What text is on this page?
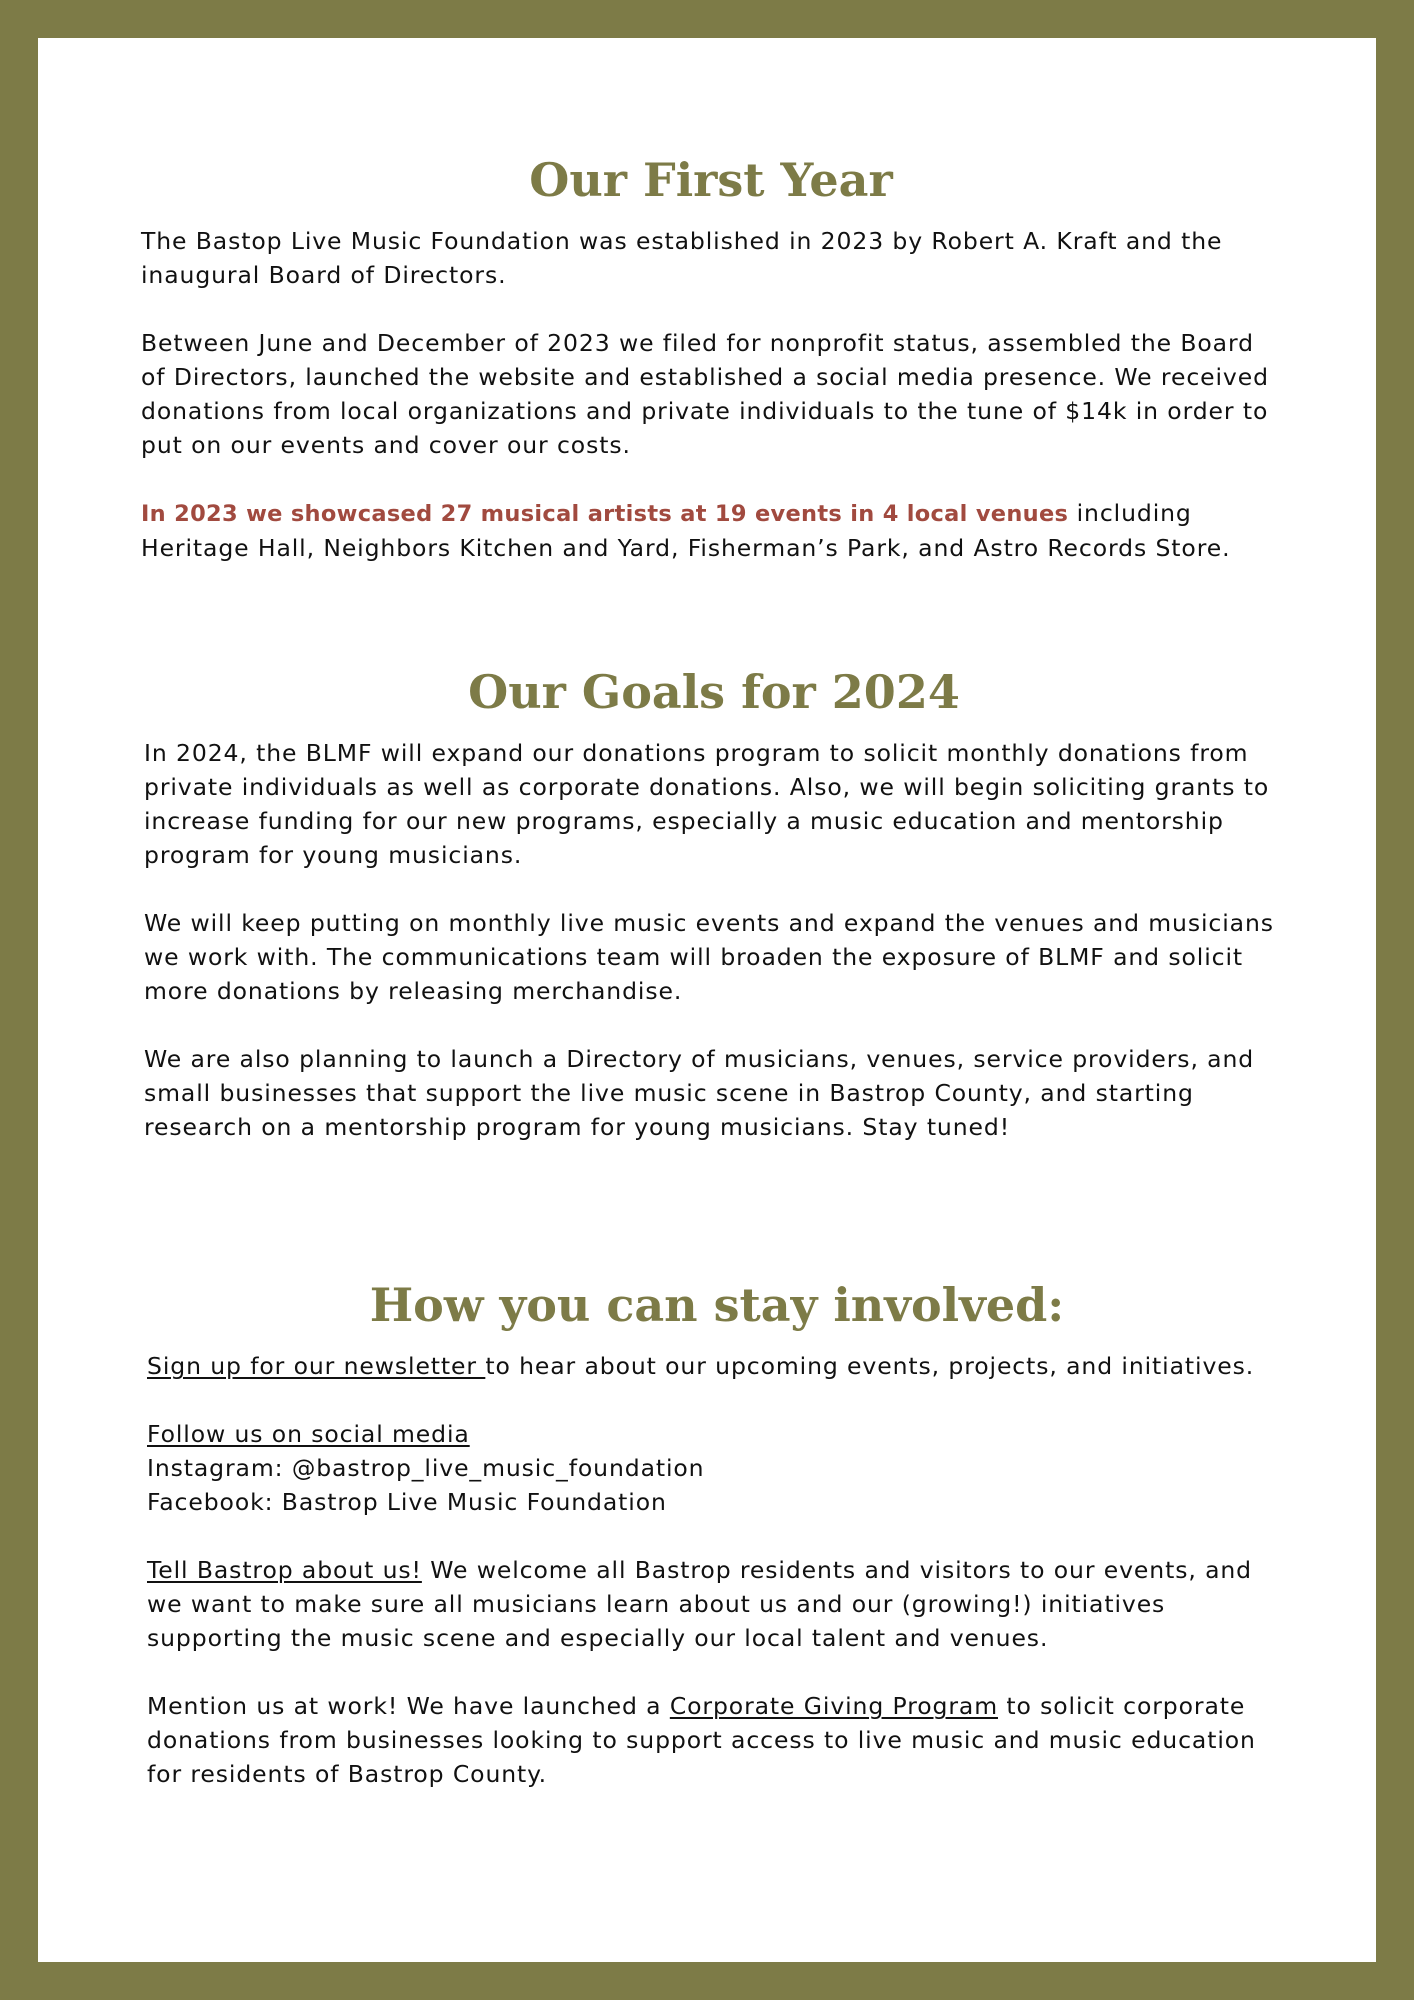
Our First Year

The Bastop Live Music Foundation was established in 2023 by Robert A. Kraft and the inaugural Board of Directors.

Between June and December of 2023 we filed for nonprofit status, assembled the Board of Directors, launched the website and established a social media presence. We received donations from local organizations and private individuals to the tune of $14k in order to put on our events and cover our costs.

In 2023 we showcased 27 musical artists at 19 events in 4 local venues including Heritage Hall, Neighbors Kitchen and Yard, Fisherman’s Park, and Astro Records Store.

Our Goals for 2024

In 2024, the BLMF will expand our donations program to solicit monthly donations from private individuals as well as corporate donations. Also, we will begin soliciting grants to increase funding for our new programs, especially a music education and mentorship program for young musicians.

We will keep putting on monthly live music events and expand the venues and musicians we work with. The communications team will broaden the exposure of BLMF and solicit more donations by releasing merchandise.

We are also planning to launch a Directory of musicians, venues, service providers, and small businesses that support the live music scene in Bastrop County, and starting research on a mentorship program for young musicians. Stay tuned!

How you can stay involved:

Sign up for our newsletter to hear about our upcoming events, projects, and initiatives.

Follow us on social media
Instagram: @bastrop_live_music_foundation
Facebook: Bastrop Live Music Foundation

Tell Bastrop about us! We welcome all Bastrop residents and visitors to our events, and we want to make sure all musicians learn about us and our (growing!) initiatives supporting the music scene and especially our local talent and venues.

Mention us at work! We have launched a Corporate Giving Program to solicit corporate donations from businesses looking to support access to live music and music education for residents of Bastrop County.
